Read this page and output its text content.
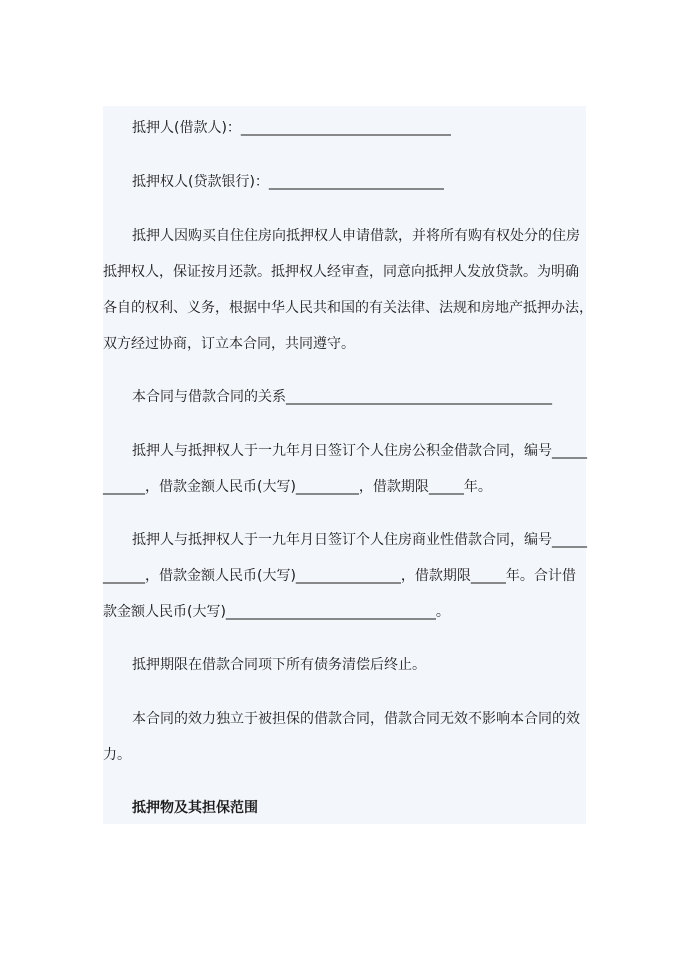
抵押人(借款人)：______________________________
抵押权人(贷款银行)：_________________________
抵押人因购买自住住房向抵押权人申请借款，并将所有购有权处分的住房
抵押权人，保证按月还款。抵押权人经审查，同意向抵押人发放贷款。为明确
各自的权利、义务，根据中华人民共和国的有关法律、法规和房地产抵押办法，
双方经过协商，订立本合同，共同遵守。
本合同与借款合同的关系______________________________________
抵押人与抵押权人于一九年月日签订个人住房公积金借款合同，编号_____
______，借款金额人民币(大写)_________，借款期限_____年。
抵押人与抵押权人于一九年月日签订个人住房商业性借款合同，编号_____
______，借款金额人民币(大写)_______________，借款期限_____年。合计借
款金额人民币(大写)______________________________。
抵押期限在借款合同项下所有债务清偿后终止。
本合同的效力独立于被担保的借款合同，借款合同无效不影响本合同的效
力。
抵押物及其担保范围
